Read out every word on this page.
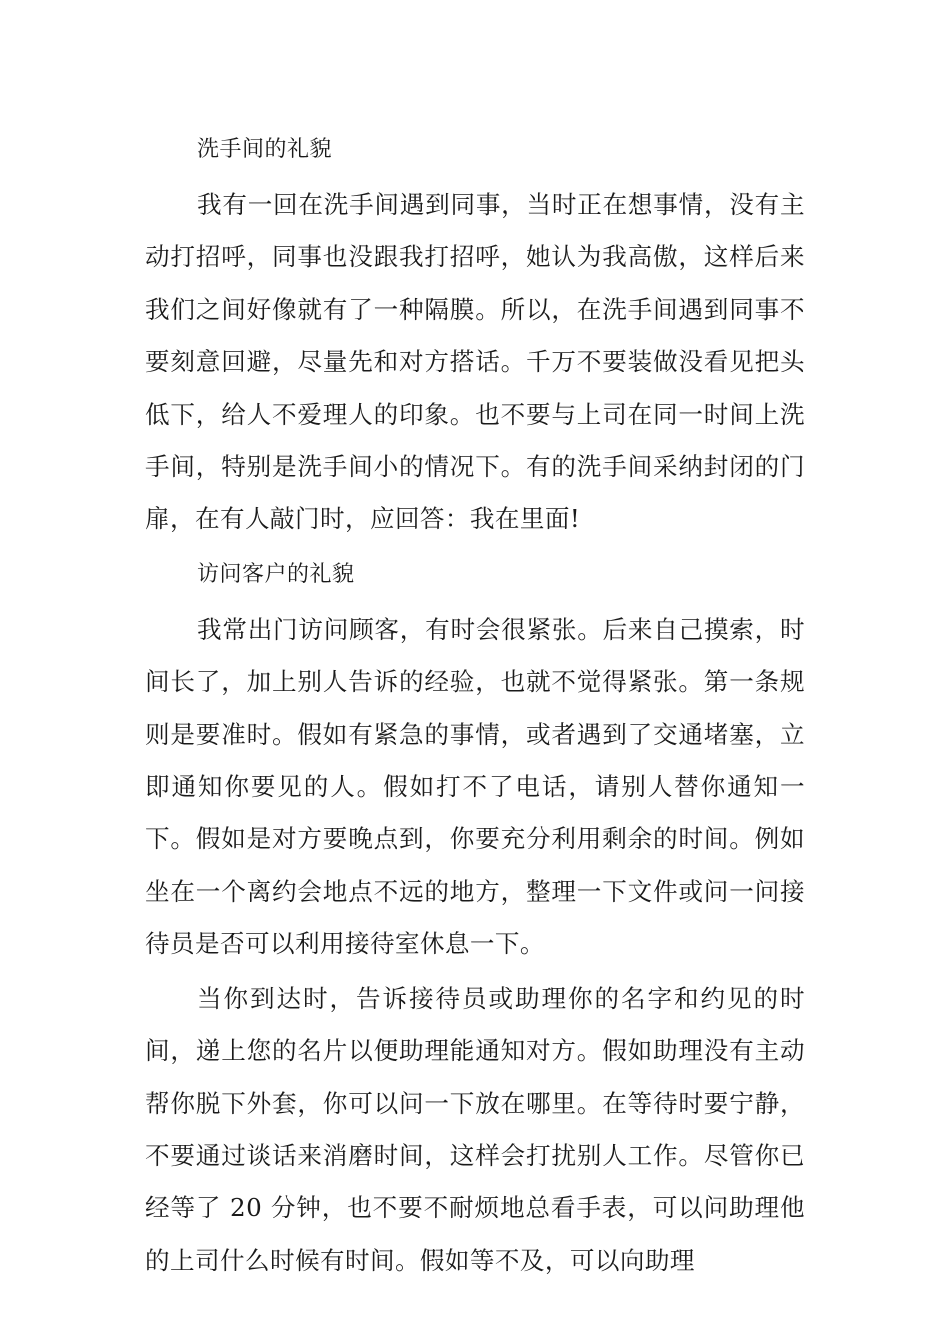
洗手间的礼貌

我有一回在洗手间遇到同事，当时正在想事情，没有主动打招呼，同事也没跟我打招呼，她认为我高傲，这样后来我们之间好像就有了一种隔膜。所以，在洗手间遇到同事不要刻意回避，尽量先和对方搭话。千万不要装做没看见把头低下，给人不爱理人的印象。也不要与上司在同一时间上洗手间，特别是洗手间小的情况下。有的洗手间采纳封闭的门扉，在有人敲门时，应回答：我在里面!

访问客户的礼貌

我常出门访问顾客，有时会很紧张。后来自己摸索，时间长了，加上别人告诉的经验，也就不觉得紧张。第一条规则是要准时。假如有紧急的事情，或者遇到了交通堵塞，立即通知你要见的人。假如打不了电话，请别人替你通知一下。假如是对方要晚点到，你要充分利用剩余的时间。例如坐在一个离约会地点不远的地方，整理一下文件或问一问接待员是否可以利用接待室休息一下。

当你到达时，告诉接待员或助理你的名字和约见的时间，递上您的名片以便助理能通知对方。假如助理没有主动帮你脱下外套，你可以问一下放在哪里。在等待时要宁静，不要通过谈话来消磨时间，这样会打扰别人工作。尽管你已经等了 20 分钟，也不要不耐烦地总看手表，可以问助理他的上司什么时候有时间。假如等不及，可以向助理
